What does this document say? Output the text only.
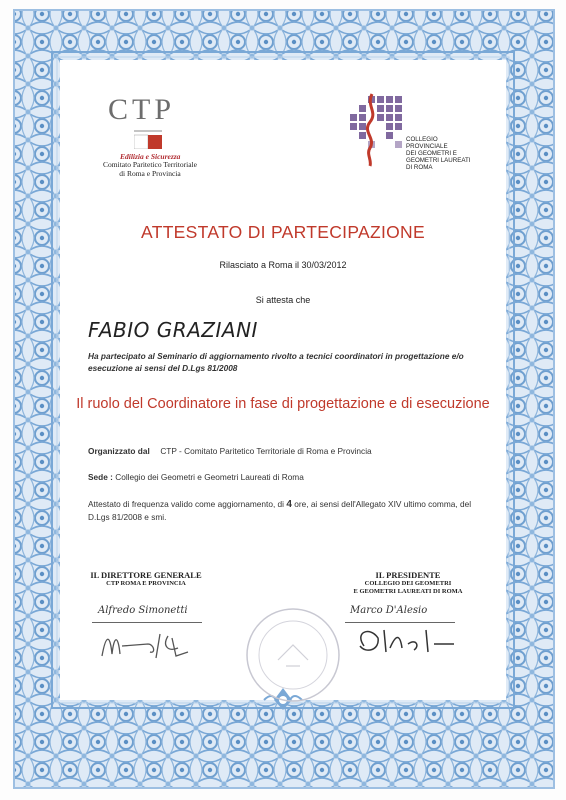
CTP
Edilizia e Sicurezza
Comitato Paritetico Territoriale
di Roma e Provincia
COLLEGIO
PROVINCIALE
DEI GEOMETRI E
GEOMETRI LAUREATI
DI ROMA
ATTESTATO DI PARTECIPAZIONE
Rilasciato a Roma il 30/03/2012
Si attesta che
FABIO GRAZIANI
Ha partecipato al Seminario di aggiornamento rivolto a tecnici coordinatori in progettazione e/o esecuzione ai sensi del D.Lgs 81/2008
Il ruolo del Coordinatore in fase di progettazione e di esecuzione
Organizzato dal CTP - Comitato Paritetico Territoriale di Roma e Provincia
Sede : Collegio dei Geometri e Geometri Laureati di Roma
Attestato di frequenza valido come aggiornamento, di 4 ore, ai sensi dell'Allegato XIV ultimo comma, del D.Lgs 81/2008 e smi.
IL DIRETTORE GENERALE
CTP ROMA E PROVINCIA
Alfredo Simonetti
IL PRESIDENTE
COLLEGIO DEI GEOMETRI
E GEOMETRI LAUREATI DI ROMA
Marco D'Alesio
